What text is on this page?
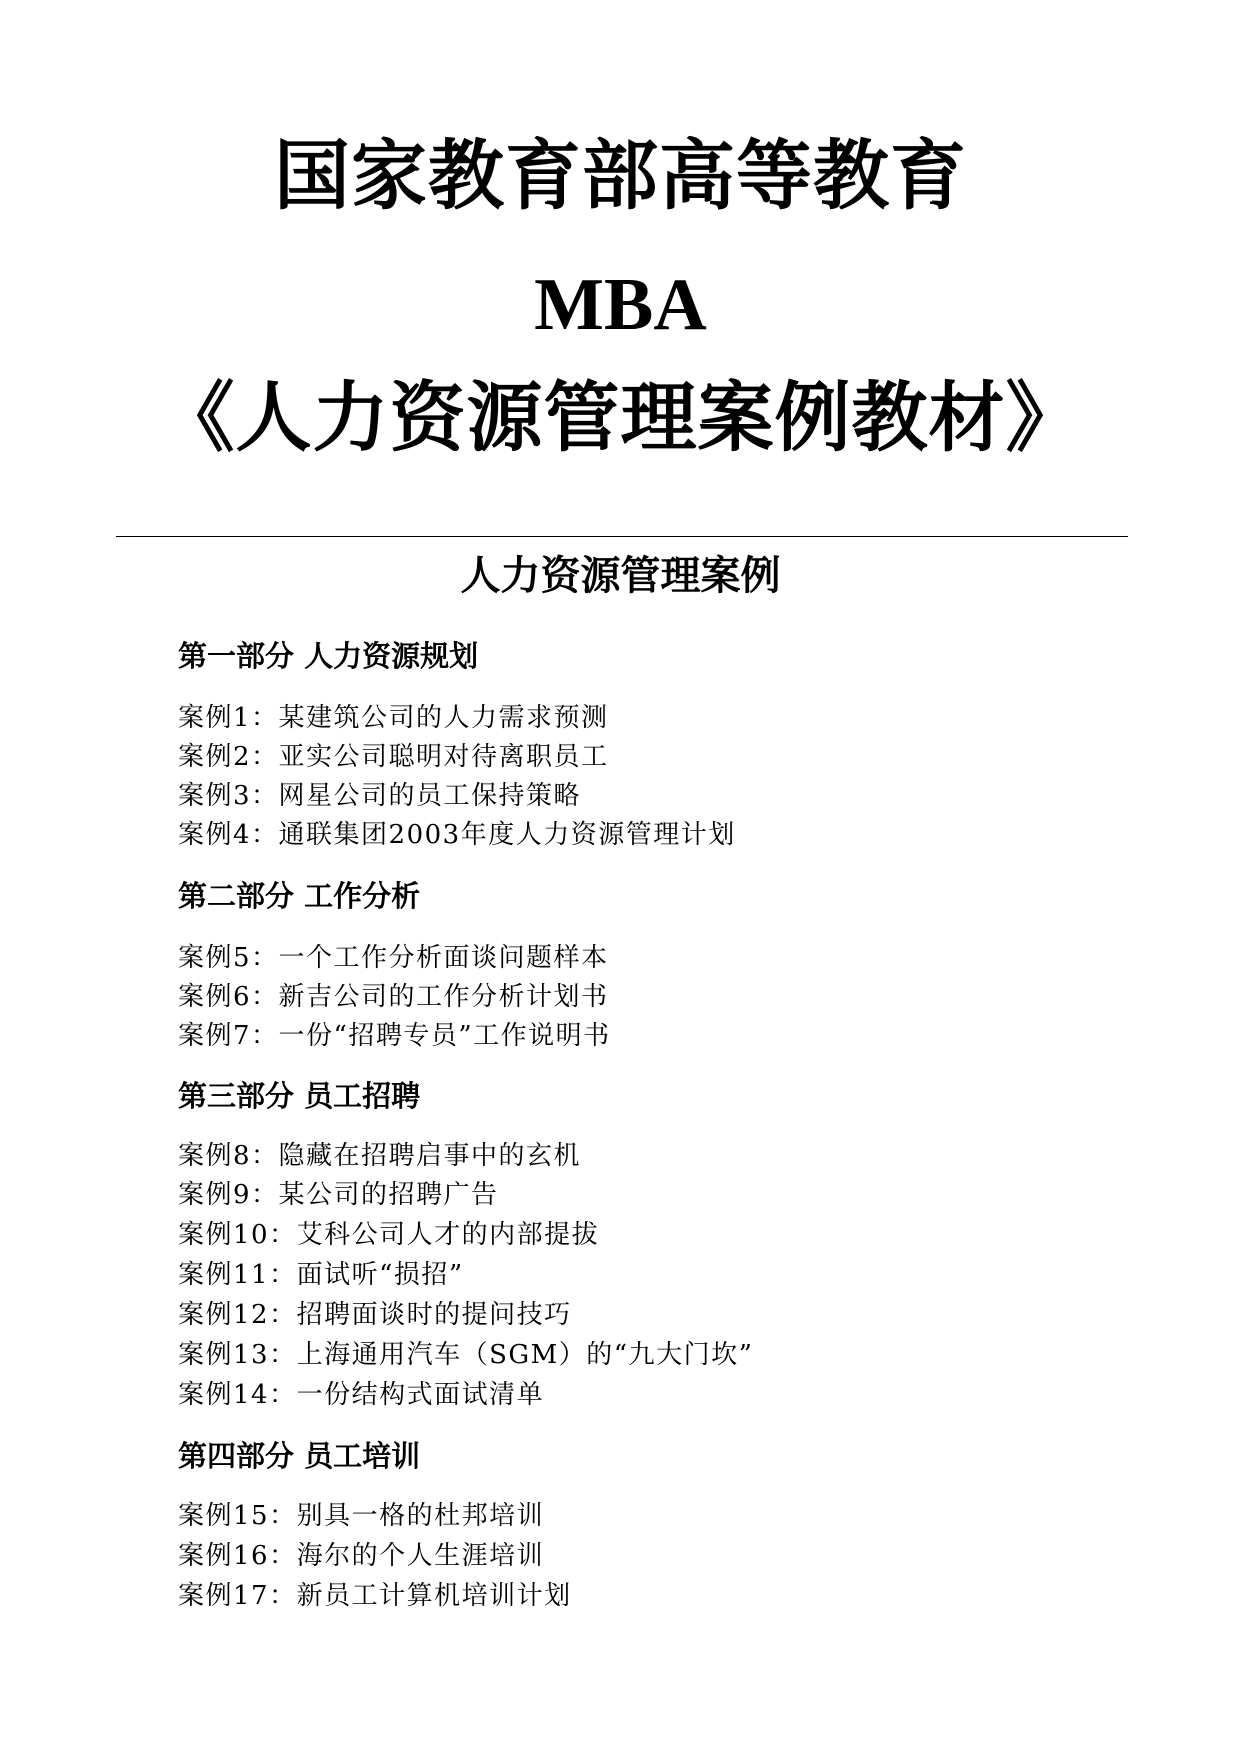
国家教育部高等教育
MBA
《人力资源管理案例教材》
人力资源管理案例
第一部分 人力资源规划
案例1：某建筑公司的人力需求预测
案例2：亚实公司聪明对待离职员工
案例3：网星公司的员工保持策略
案例4：通联集团2003年度人力资源管理计划
第二部分 工作分析
案例5：一个工作分析面谈问题样本
案例6：新吉公司的工作分析计划书
案例7：一份“招聘专员”工作说明书
第三部分 员工招聘
案例8：隐藏在招聘启事中的玄机
案例9：某公司的招聘广告
案例10：艾科公司人才的内部提拔
案例11：面试听“损招”
案例12：招聘面谈时的提问技巧
案例13：上海通用汽车（SGM）的“九大门坎”
案例14：一份结构式面试清单
第四部分 员工培训
案例15：别具一格的杜邦培训
案例16：海尔的个人生涯培训
案例17：新员工计算机培训计划
